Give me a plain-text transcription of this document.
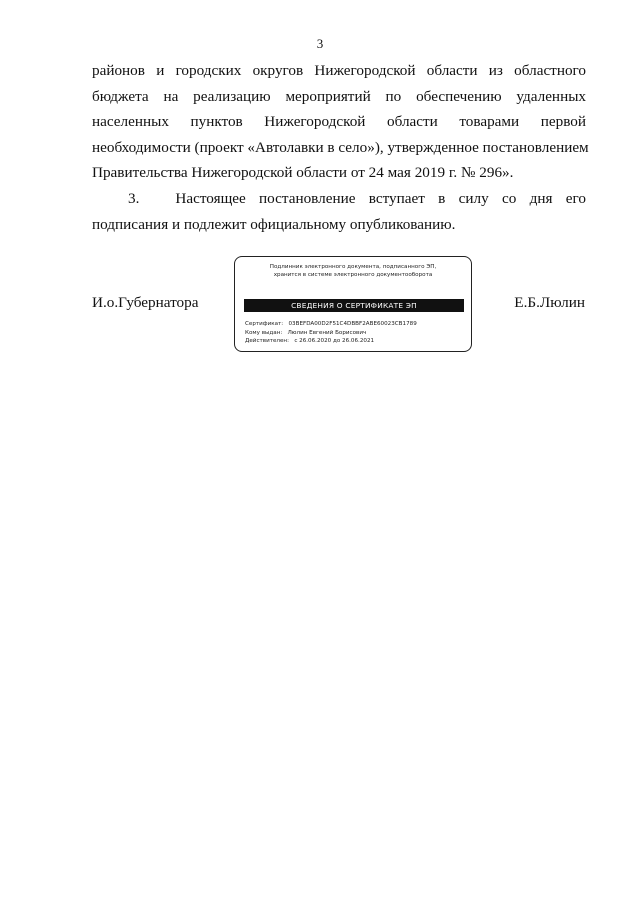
3
районов и городских округов Нижегородской области из областного
бюджета на реализацию мероприятий по обеспечению удаленных
населенных пунктов Нижегородской области товарами первой
необходимости (проект «Автолавки в село»), утвержденное постановлением
Правительства Нижегородской области от 24 мая 2019 г. № 296».
3. Настоящее постановление вступает в силу со дня его
подписания и подлежит официальному опубликованию.
И.о.Губернатора
Подлинник электронного документа, подписанного ЭП,
хранится в системе электронного документооборота
СВЕДЕНИЯ О СЕРТИФИКАТЕ ЭП
Сертификат:   03BEFDA00D2F51C4DBBF2ABE60023CB1789
Кому выдан:   Люлин Евгений Борисович
Действителен:   с 26.06.2020 до 26.06.2021
Е.Б.Люлин
